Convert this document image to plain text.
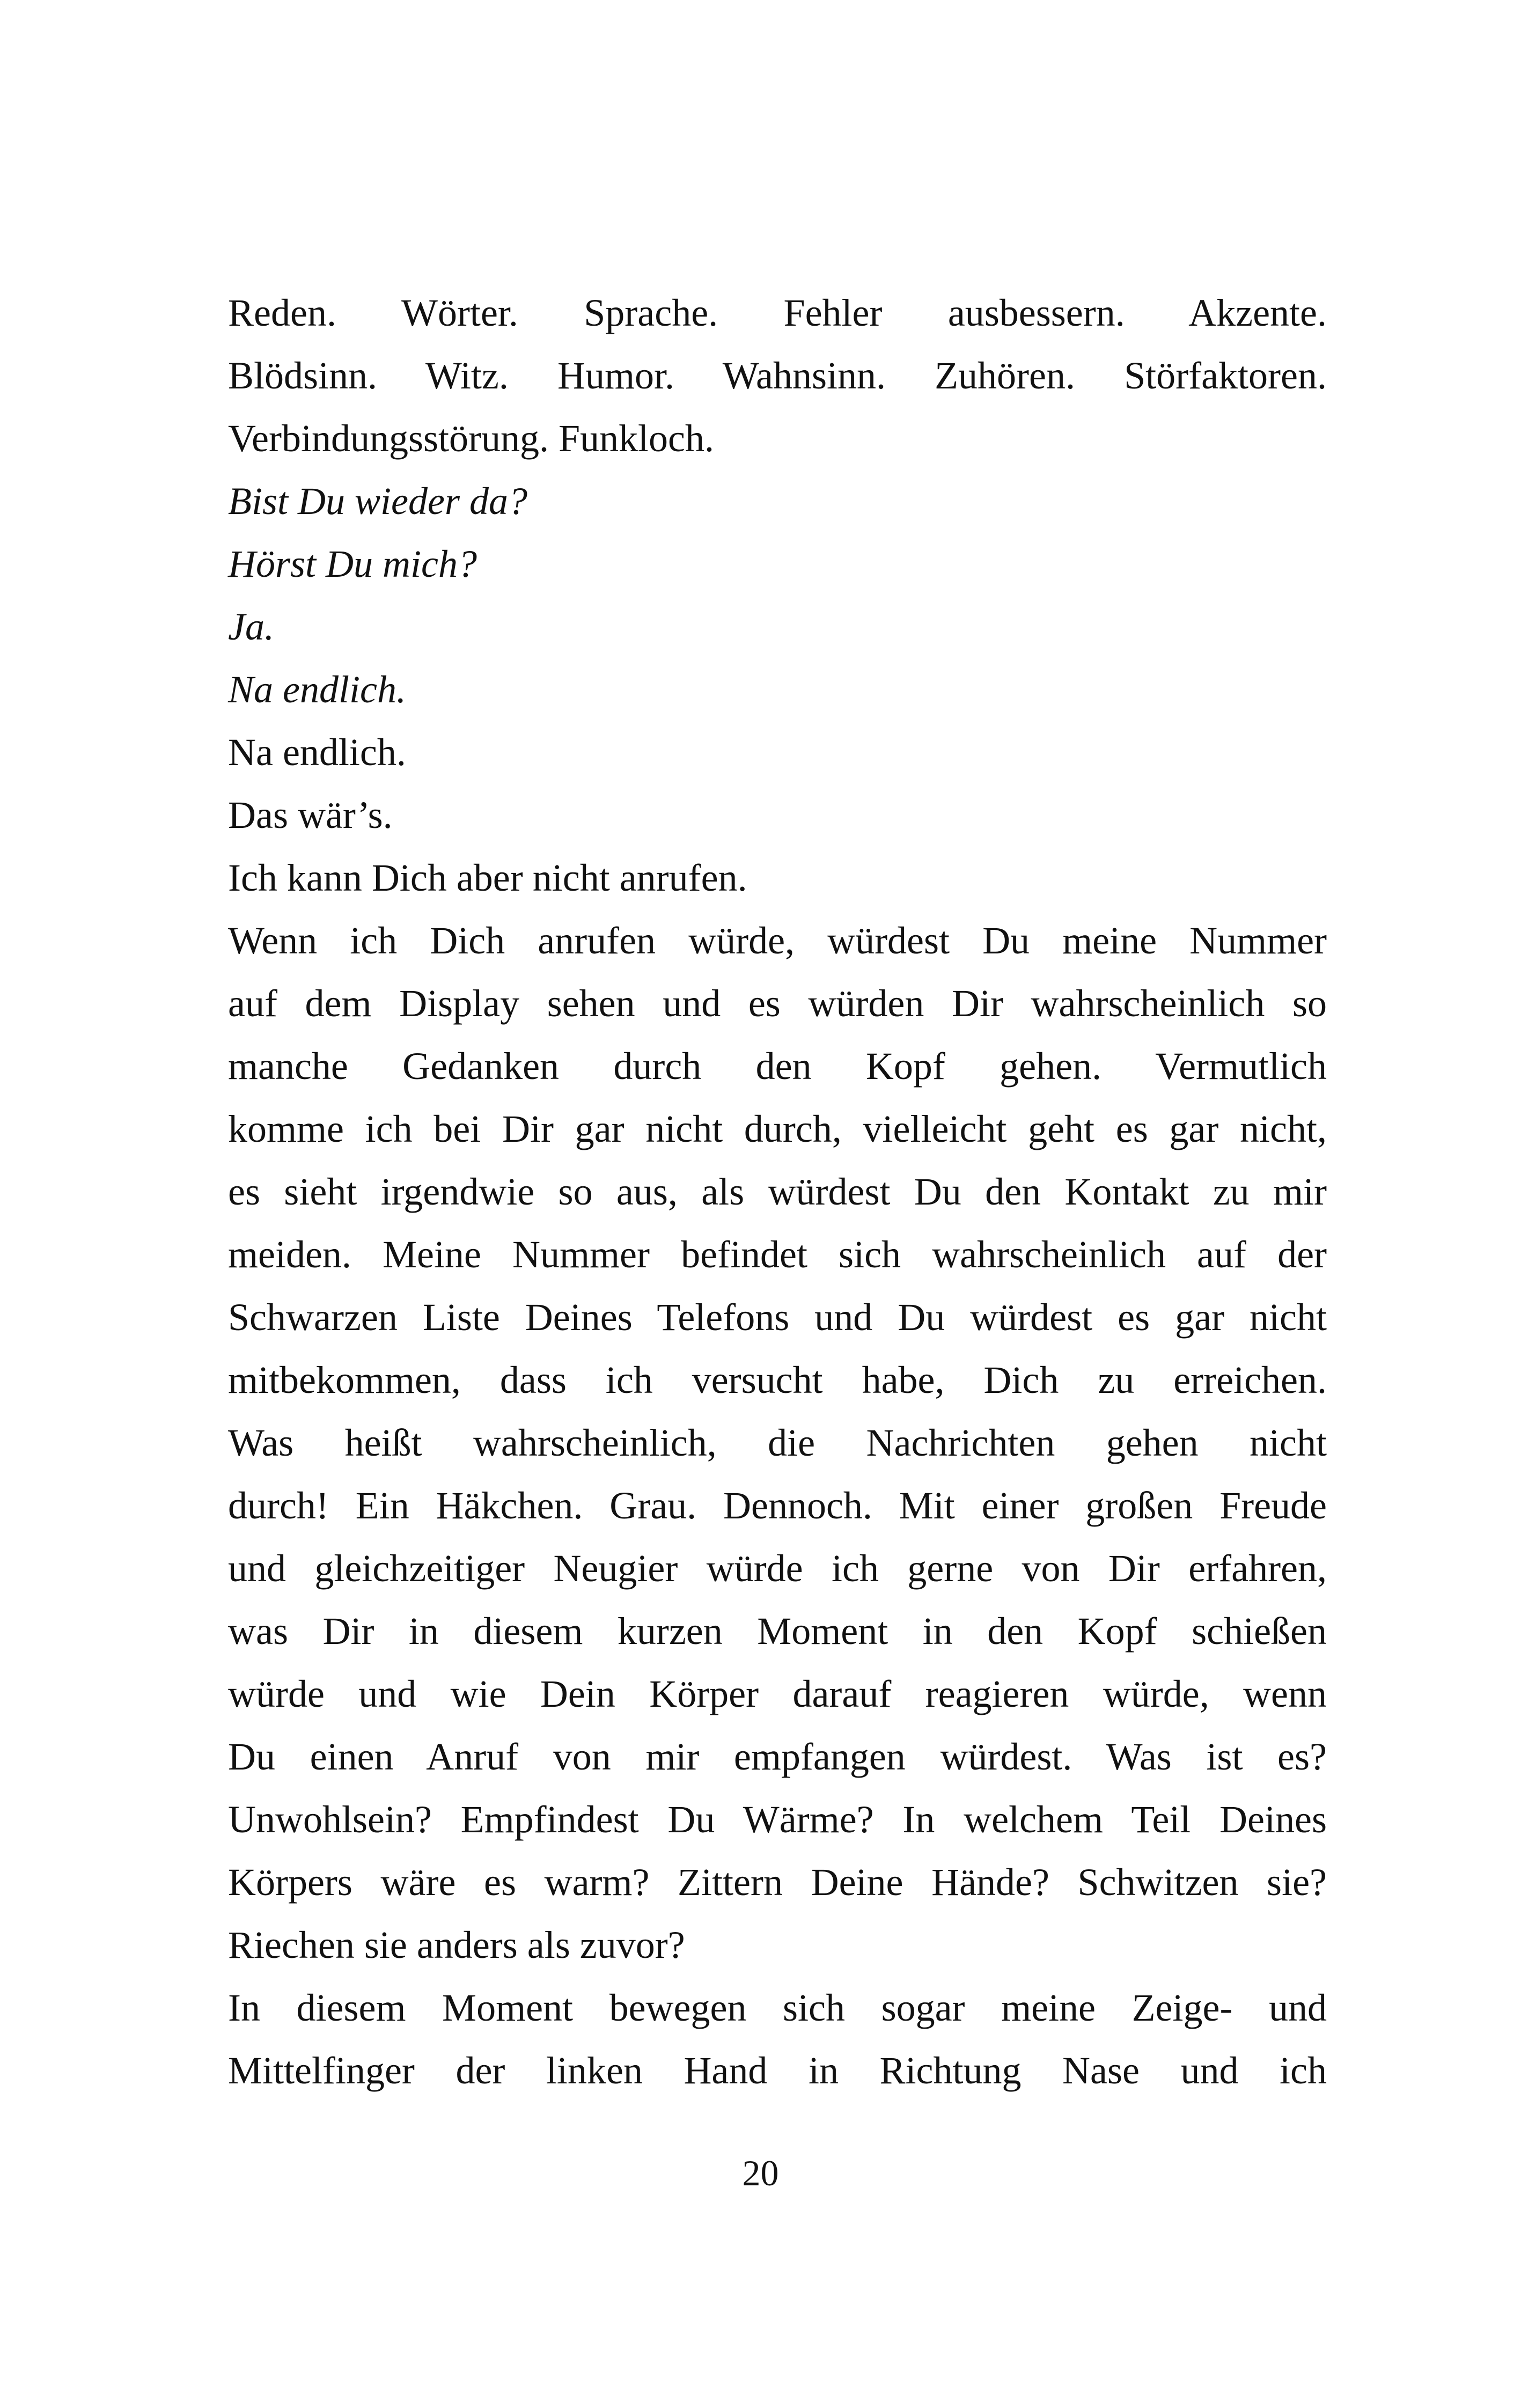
Reden. Wörter. Sprache. Fehler ausbessern. Akzente.
Blödsinn. Witz. Humor. Wahnsinn. Zuhören. Störfaktoren.
Verbindungsstörung. Funkloch.
Bist Du wieder da?
Hörst Du mich?
Ja.
Na endlich.
Na endlich.
Das wär’s.
Ich kann Dich aber nicht anrufen.
Wenn ich Dich anrufen würde, würdest Du meine Nummer
auf dem Display sehen und es würden Dir wahrscheinlich so
manche Gedanken durch den Kopf gehen. Vermutlich
komme ich bei Dir gar nicht durch, vielleicht geht es gar nicht,
es sieht irgendwie so aus, als würdest Du den Kontakt zu mir
meiden. Meine Nummer befindet sich wahrscheinlich auf der
Schwarzen Liste Deines Telefons und Du würdest es gar nicht
mitbekommen, dass ich versucht habe, Dich zu erreichen.
Was heißt wahrscheinlich, die Nachrichten gehen nicht
durch! Ein Häkchen. Grau. Dennoch. Mit einer großen Freude
und gleichzeitiger Neugier würde ich gerne von Dir erfahren,
was Dir in diesem kurzen Moment in den Kopf schießen
würde und wie Dein Körper darauf reagieren würde, wenn
Du einen Anruf von mir empfangen würdest. Was ist es?
Unwohlsein? Empfindest Du Wärme? In welchem Teil Deines
Körpers wäre es warm? Zittern Deine Hände? Schwitzen sie?
Riechen sie anders als zuvor?
In diesem Moment bewegen sich sogar meine Zeige- und
Mittelfinger der linken Hand in Richtung Nase und ich
20
